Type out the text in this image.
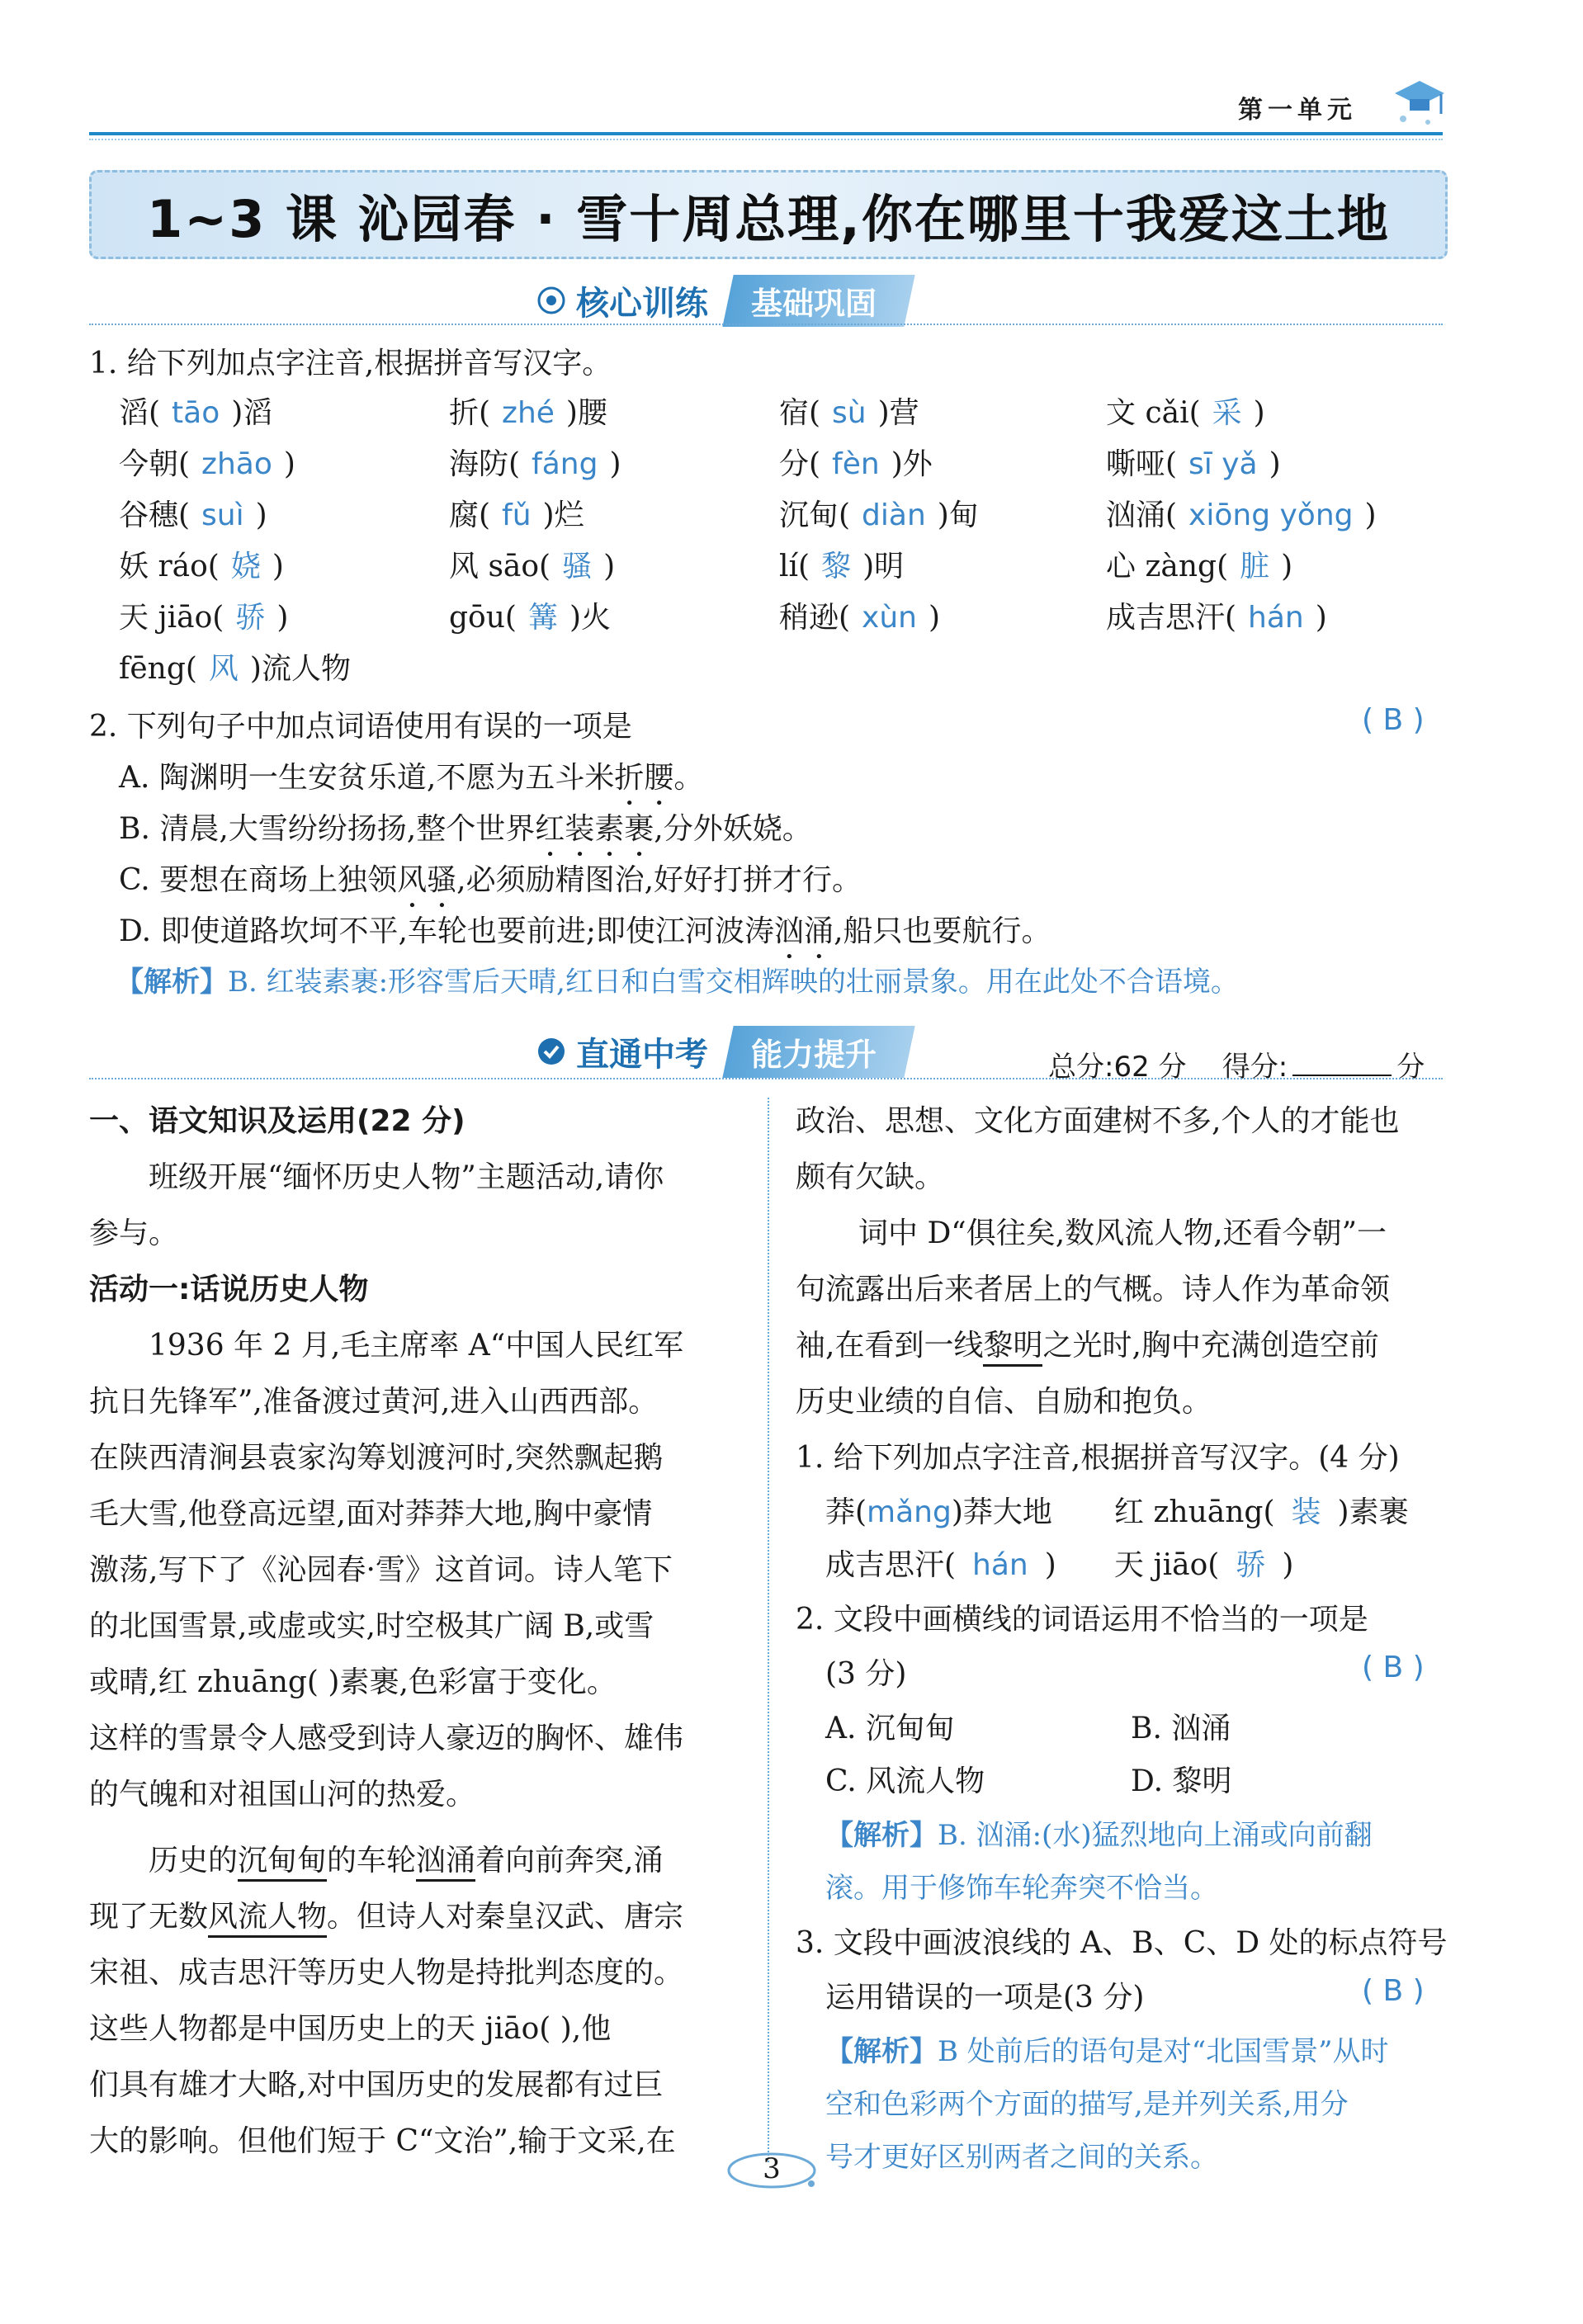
第一单元
1~3 课 沁园春 · 雪十周总理,你在哪里十我爱这土地
核心训练	基础巩固
1. 给下列加点字注音,根据拼音写汉字。
滔( tāo )滔	折( zhé )腰	宿( sù )营	文 cǎi( 采 )
今朝( zhāo )	海防( fáng )	分( fèn )外	嘶哑( sī yǎ )
谷穗( suì )	腐( fǔ )烂	沉甸( diàn )甸	汹涌( xiōng yǒng )
妖 ráo( 娆 )	风 sāo( 骚 )	lí( 黎 )明	心 zàng( 脏 )
天 jiāo( 骄 )	gōu( 篝 )火	稍逊( xùn )	成吉思汗( hán )
fēng( 风 )流人物
2. 下列句子中加点词语使用有误的一项是	( B )
A. 陶渊明一生安贫乐道,不愿为五斗米折腰。
B. 清晨,大雪纷纷扬扬,整个世界红装素裹,分外妖娆。
C. 要想在商场上独领风骚,必须励精图治,好好打拼才行。
D. 即使道路坎坷不平,车轮也要前进;即使江河波涛汹涌,船只也要航行。
【解析】B. 红装素裹:形容雪后天晴,红日和白雪交相辉映的壮丽景象。用在此处不合语境。
直通中考	能力提升	总分:62 分 得分:	分
一、语文知识及运用(22 分)
班级开展“缅怀历史人物”主题活动,请你
参与。
活动一:话说历史人物
1936 年 2 月,毛主席率 A“中国人民红军
抗日先锋军”,准备渡过黄河,进入山西西部。
在陕西清涧县袁家沟筹划渡河时,突然飘起鹅
毛大雪,他登高远望,面对莽莽大地,胸中豪情
激荡,写下了《沁园春·雪》这首词。诗人笔下
的北国雪景,或虚或实,时空极其广阔 B,或雪
或晴,红 zhuāng( )素裹,色彩富于变化。
这样的雪景令人感受到诗人豪迈的胸怀、雄伟
的气魄和对祖国山河的热爱。
历史的沉甸甸的车轮汹涌着向前奔突,涌
现了无数风流人物。但诗人对秦皇汉武、唐宗
宋祖、成吉思汗等历史人物是持批判态度的。
这些人物都是中国历史上的天 jiāo( ),他
们具有雄才大略,对中国历史的发展都有过巨
大的影响。但他们短于 C“文治”,输于文采,在
政治、思想、文化方面建树不多,个人的才能也
颇有欠缺。
词中 D“俱往矣,数风流人物,还看今朝”一
句流露出后来者居上的气概。诗人作为革命领
袖,在看到一线黎明之光时,胸中充满创造空前
历史业绩的自信、自励和抱负。
1. 给下列加点字注音,根据拼音写汉字。(4 分)
莽(mǎng)莽大地 红 zhuāng( 装 )素裹
成吉思汗( hán ) 天 jiāo( 骄 )
2. 文段中画横线的词语运用不恰当的一项是
(3 分)	( B )
A. 沉甸甸	B. 汹涌
C. 风流人物	D. 黎明
【解析】B. 汹涌:(水)猛烈地向上涌或向前翻
滚。用于修饰车轮奔突不恰当。
3. 文段中画波浪线的 A、B、C、D 处的标点符号
运用错误的一项是(3 分)	( B )
【解析】B 处前后的语句是对“北国雪景”从时
空和色彩两个方面的描写,是并列关系,用分
号才更好区别两者之间的关系。
3
